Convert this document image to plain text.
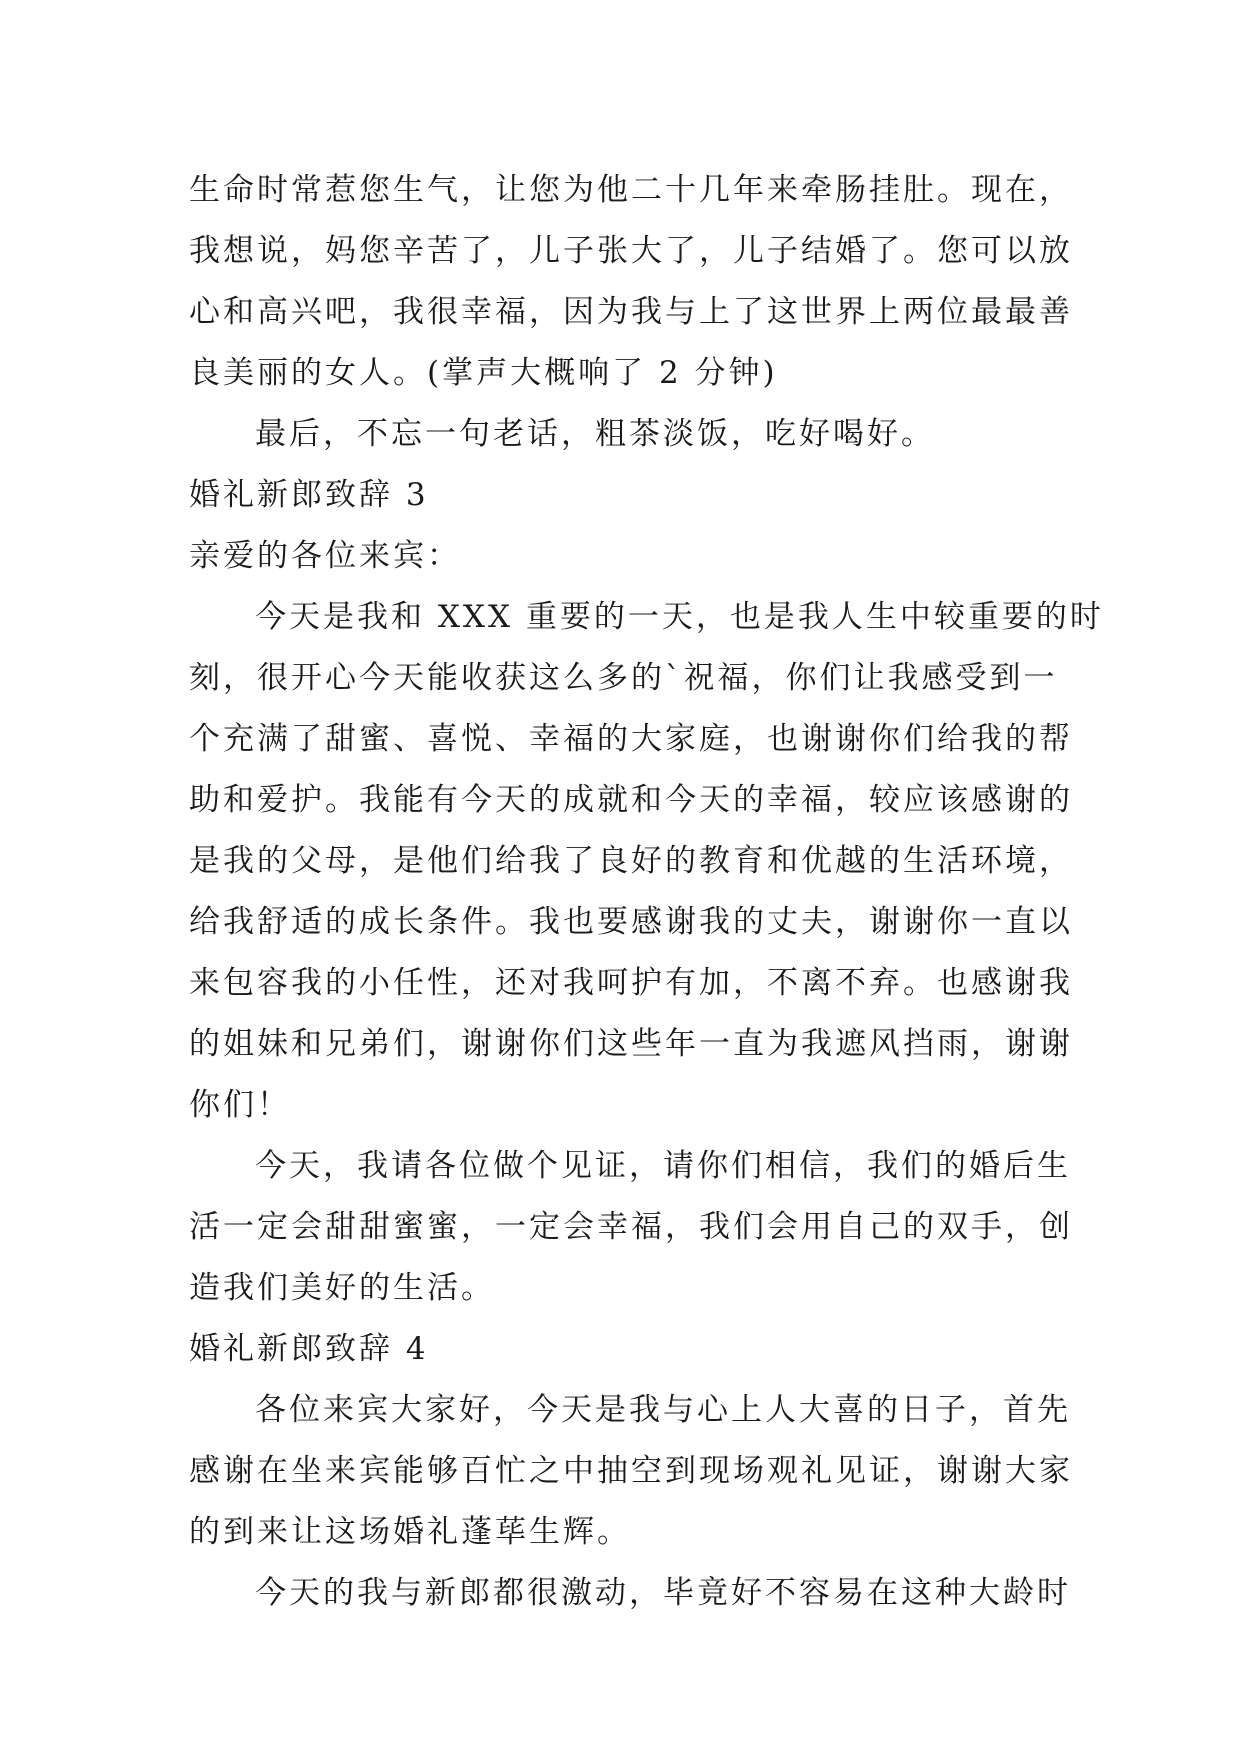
生命时常惹您生气，让您为他二十几年来牵肠挂肚。现在，
我想说，妈您辛苦了，儿子张大了，儿子结婚了。您可以放
心和高兴吧，我很幸福，因为我与上了这世界上两位最最善
良美丽的女人。(掌声大概响了 2 分钟)
最后，不忘一句老话，粗茶淡饭，吃好喝好。
婚礼新郎致辞 3
亲爱的各位来宾：
今天是我和 XXX 重要的一天，也是我人生中较重要的时
刻，很开心今天能收获这么多的`祝福，你们让我感受到一
个充满了甜蜜、喜悦、幸福的大家庭，也谢谢你们给我的帮
助和爱护。我能有今天的成就和今天的幸福，较应该感谢的
是我的父母，是他们给我了良好的教育和优越的生活环境，
给我舒适的成长条件。我也要感谢我的丈夫，谢谢你一直以
来包容我的小任性，还对我呵护有加，不离不弃。也感谢我
的姐妹和兄弟们，谢谢你们这些年一直为我遮风挡雨，谢谢
你们！
今天，我请各位做个见证，请你们相信，我们的婚后生
活一定会甜甜蜜蜜，一定会幸福，我们会用自己的双手，创
造我们美好的生活。
婚礼新郎致辞 4
各位来宾大家好，今天是我与心上人大喜的日子，首先
感谢在坐来宾能够百忙之中抽空到现场观礼见证，谢谢大家
的到来让这场婚礼蓬荜生辉。
今天的我与新郎都很激动，毕竟好不容易在这种大龄时
